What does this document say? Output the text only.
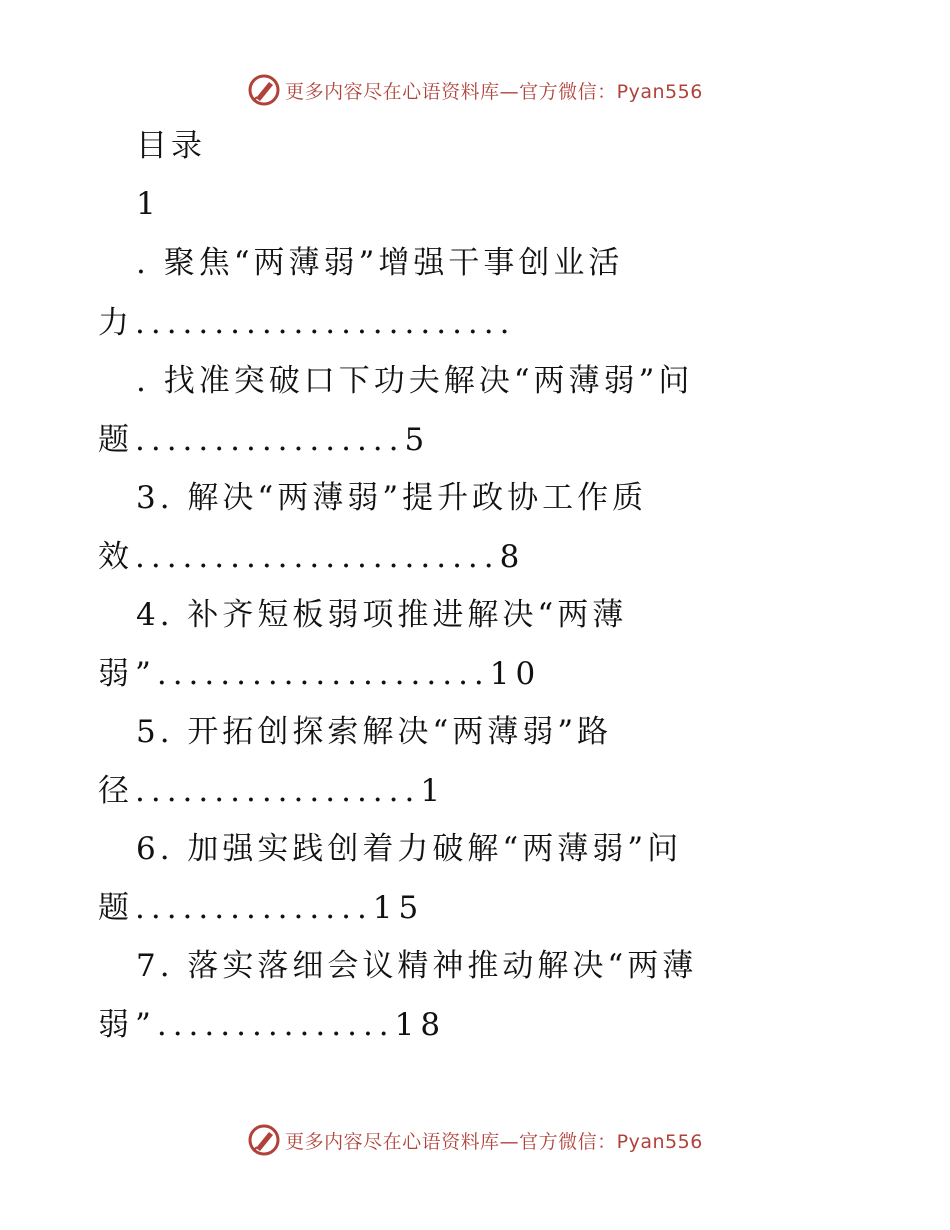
更多内容尽在心语资料库—官方微信：Pyan556
目录
1
. 聚焦“两薄弱”增强干事创业活
力........................
. 找准突破口下功夫解决“两薄弱”问
题.................5
3. 解决“两薄弱”提升政协工作质
效.......................8
4. 补齐短板弱项推进解决“两薄
弱”.....................10
5. 开拓创探索解决“两薄弱”路
径..................1
6. 加强实践创着力破解“两薄弱”问
题...............15
7. 落实落细会议精神推动解决“两薄
弱”...............18
更多内容尽在心语资料库—官方微信：Pyan556
